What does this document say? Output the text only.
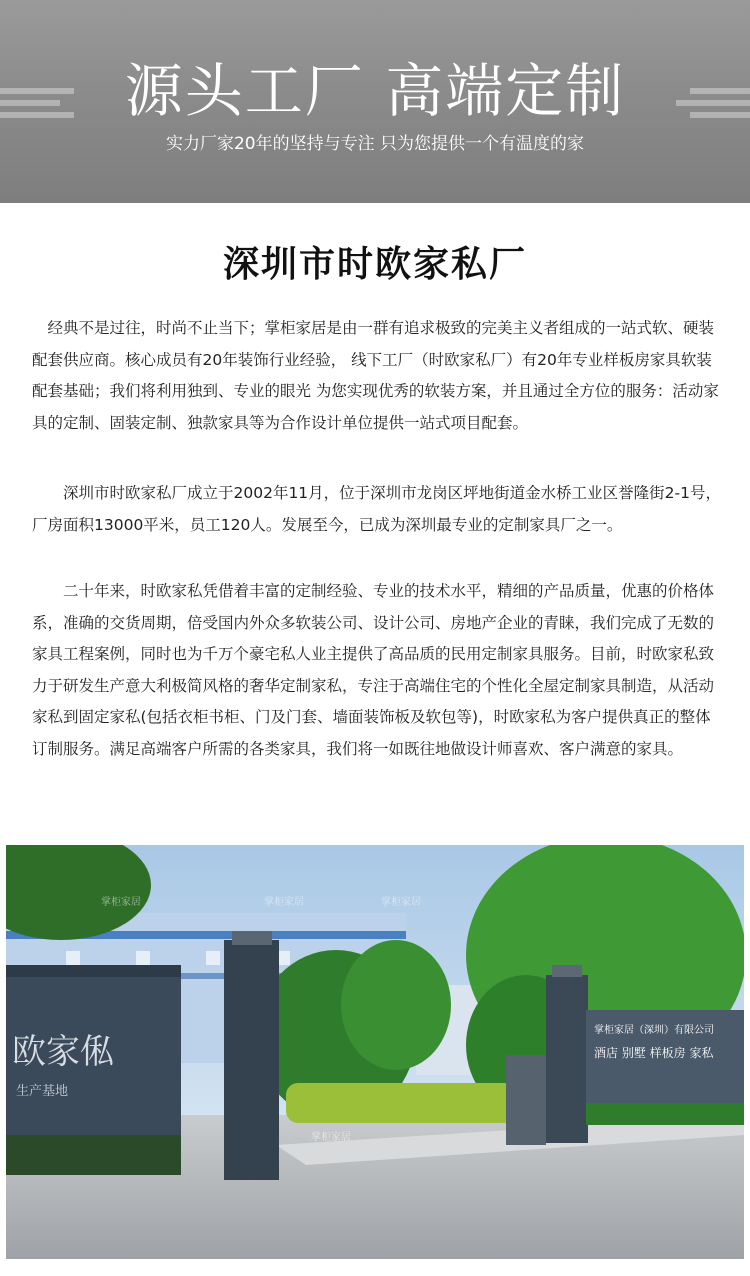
源头工厂 高端定制
实力厂家20年的坚持与专注 只为您提供一个有温度的家
深圳市时欧家私厂

经典不是过往，时尚不止当下；掌柜家居是由一群有追求极致的完美主义者组成的一站式软、硬装配套供应商。核心成员有20年装饰行业经验， 线下工厂（时欧家私厂）有20年专业样板房家具软装配套基础；我们将利用独到、专业的眼光 为您实现优秀的软装方案，并且通过全方位的服务：活动家具的定制、固装定制、独款家具等为合作设计单位提供一站式项目配套。

深圳市时欧家私厂成立于2002年11月，位于深圳市龙岗区坪地街道金水桥工业区誉隆街2-1号，厂房面积13000平米，员工120人。发展至今，已成为深圳最专业的定制家具厂之一。

二十年来，时欧家私凭借着丰富的定制经验、专业的技术水平，精细的产品质量，优惠的价格体系，准确的交货周期，倍受国内外众多软装公司、设计公司、房地产企业的青睐，我们完成了无数的家具工程案例，同时也为千万个豪宅私人业主提供了高品质的民用定制家具服务。目前，时欧家私致力于研发生产意大利极简风格的奢华定制家私，专注于高端住宅的个性化全屋定制家具制造，从活动家私到固定家私(包括衣柜书柜、门及门套、墙面装饰板及软包等)，时欧家私为客户提供真正的整体订制服务。满足高端客户所需的各类家具，我们将一如既往地做设计师喜欢、客户满意的家具。

欧家俬
生产基地
掌柜家居（深圳）有限公司
酒店 别墅 样板房 家私
掌柜家居	掌柜家居	掌柜家居
掌柜家居
